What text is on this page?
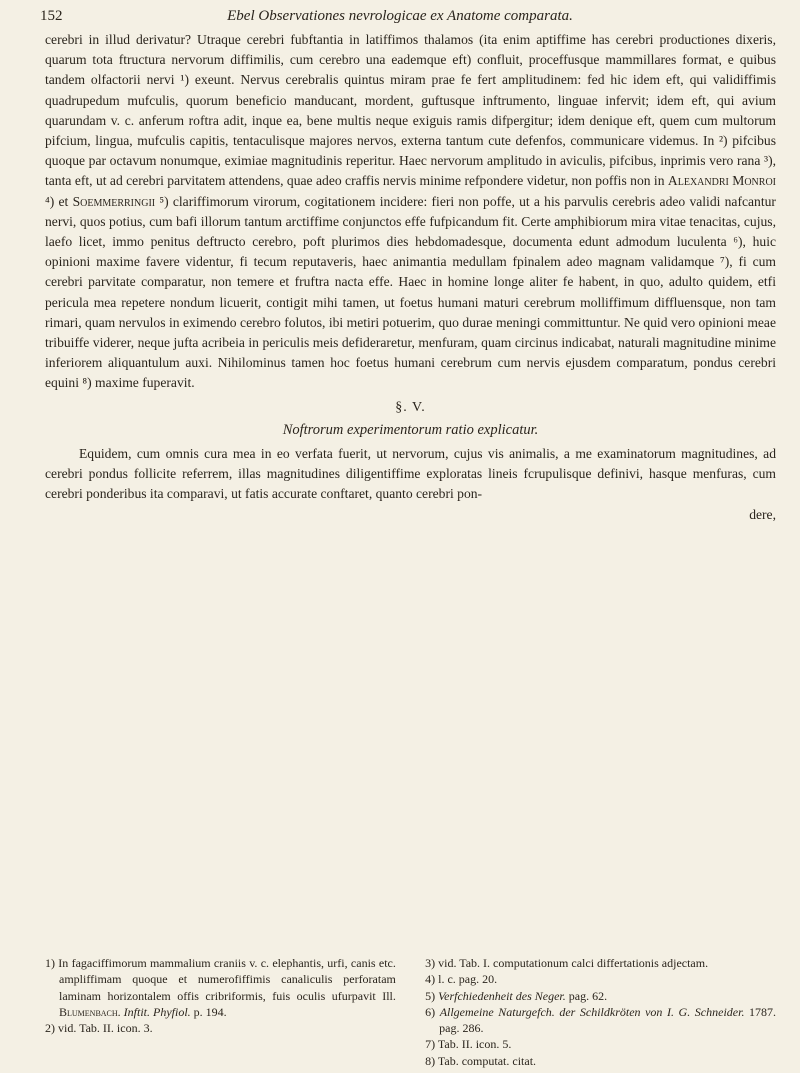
152	Ebel Observationes nevrologicae ex Anatome comparata.

cerebri in illud derivatur? Utraque cerebri fubftantia in latiffimos thalamos (ita enim aptiffime has cerebri productiones dixeris, quarum tota ftructura nervorum diffimilis, cum cerebro una eademque eft) confluit, proceffusque mammillares format, e quibus tandem olfactorii nervi ¹) exeunt. Nervus cerebralis quintus miram prae fe fert amplitudinem: fed hic idem eft, qui validiffimis quadrupedum mufculis, quorum beneficio manducant, mordent, guftusque inftrumento, linguae infervit; idem eft, qui avium quarundam v. c. anferum roftra adit, inque ea, bene multis neque exiguis ramis difpergitur; idem denique eft, quem cum multorum pifcium, lingua, mufculis capitis, tentaculisque majores nervos, externa tantum cute defenfos, communicare videmus. In ²) pifcibus quoque par octavum nonumque, eximiae magnitudinis reperitur. Haec nervorum amplitudo in aviculis, pifcibus, inprimis vero rana ³), tanta eft, ut ad cerebri parvitatem attendens, quae adeo craffis nervis minime refpondere videtur, non poffis non in Alexandri Monroi ⁴) et Soemmerringii ⁵) clariffimorum virorum, cogitationem incidere: fieri non poffe, ut a his parvulis cerebris adeo validi nafcantur nervi, quos potius, cum bafi illorum tantum arctiffime conjunctos effe fufpicandum fit. Certe amphibiorum mira vitae tenacitas, cujus, laefo licet, immo penitus deftructo cerebro, poft plurimos dies hebdomadesque, documenta edunt admodum luculenta ⁶), huic opinioni maxime favere videntur, fi tecum reputaveris, haec animantia medullam fpinalem adeo magnam validamque ⁷), fi cum cerebri parvitate comparatur, non temere et fruftra nacta effe. Haec in homine longe aliter fe habent, in quo, adulto quidem, etfi pericula mea repetere nondum licuerit, contigit mihi tamen, ut foetus humani maturi cerebrum molliffimum diffluensque, non tam rimari, quam nervulos in eximendo cerebro folutos, ibi metiri potuerim, quo durae meningi committuntur. Ne quid vero opinioni meae tribuiffe viderer, neque jufta acribeia in periculis meis defideraretur, menfuram, quam circinus indicabat, naturali magnitudine minime inferiorem aliquantulum auxi. Nihilominus tamen hoc foetus humani cerebrum cum nervis ejusdem comparatum, pondus cerebri equini ⁸) maxime fuperavit.

§. V.
Noftrorum experimentorum ratio explicatur.

Equidem, cum omnis cura mea in eo verfata fuerit, ut nervorum, cujus vis animalis, a me examinatorum magnitudines, ad cerebri pondus follicite referrem, illas magnitudines diligentiffime exploratas lineis fcrupulisque definivi, hasque menfuras, cum cerebri ponderibus ita comparavi, ut fatis accurate conftaret, quanto cerebri pon-

dere,

1) In fagaciffimorum mammalium craniis v. c. elephantis, urfi, canis etc. ampliffimam quoque et numerofiffimis canaliculis perforatam laminam horizontalem offis cribriformis, fuis oculis ufurpavit Ill. Blumenbach. Inftit. Phyfiol. p. 194.

2) vid. Tab. II. icon. 3.

3) vid. Tab. I. computationum calci differtationis adjectam.

4) l. c. pag. 20.

5) Verfchiedenheit des Neger. pag. 62.

6) Allgemeine Naturgefch. der Schildkröten von I. G. Schneider. 1787. pag. 286.

7) Tab. II. icon. 5.

8) Tab. computat. citat.
